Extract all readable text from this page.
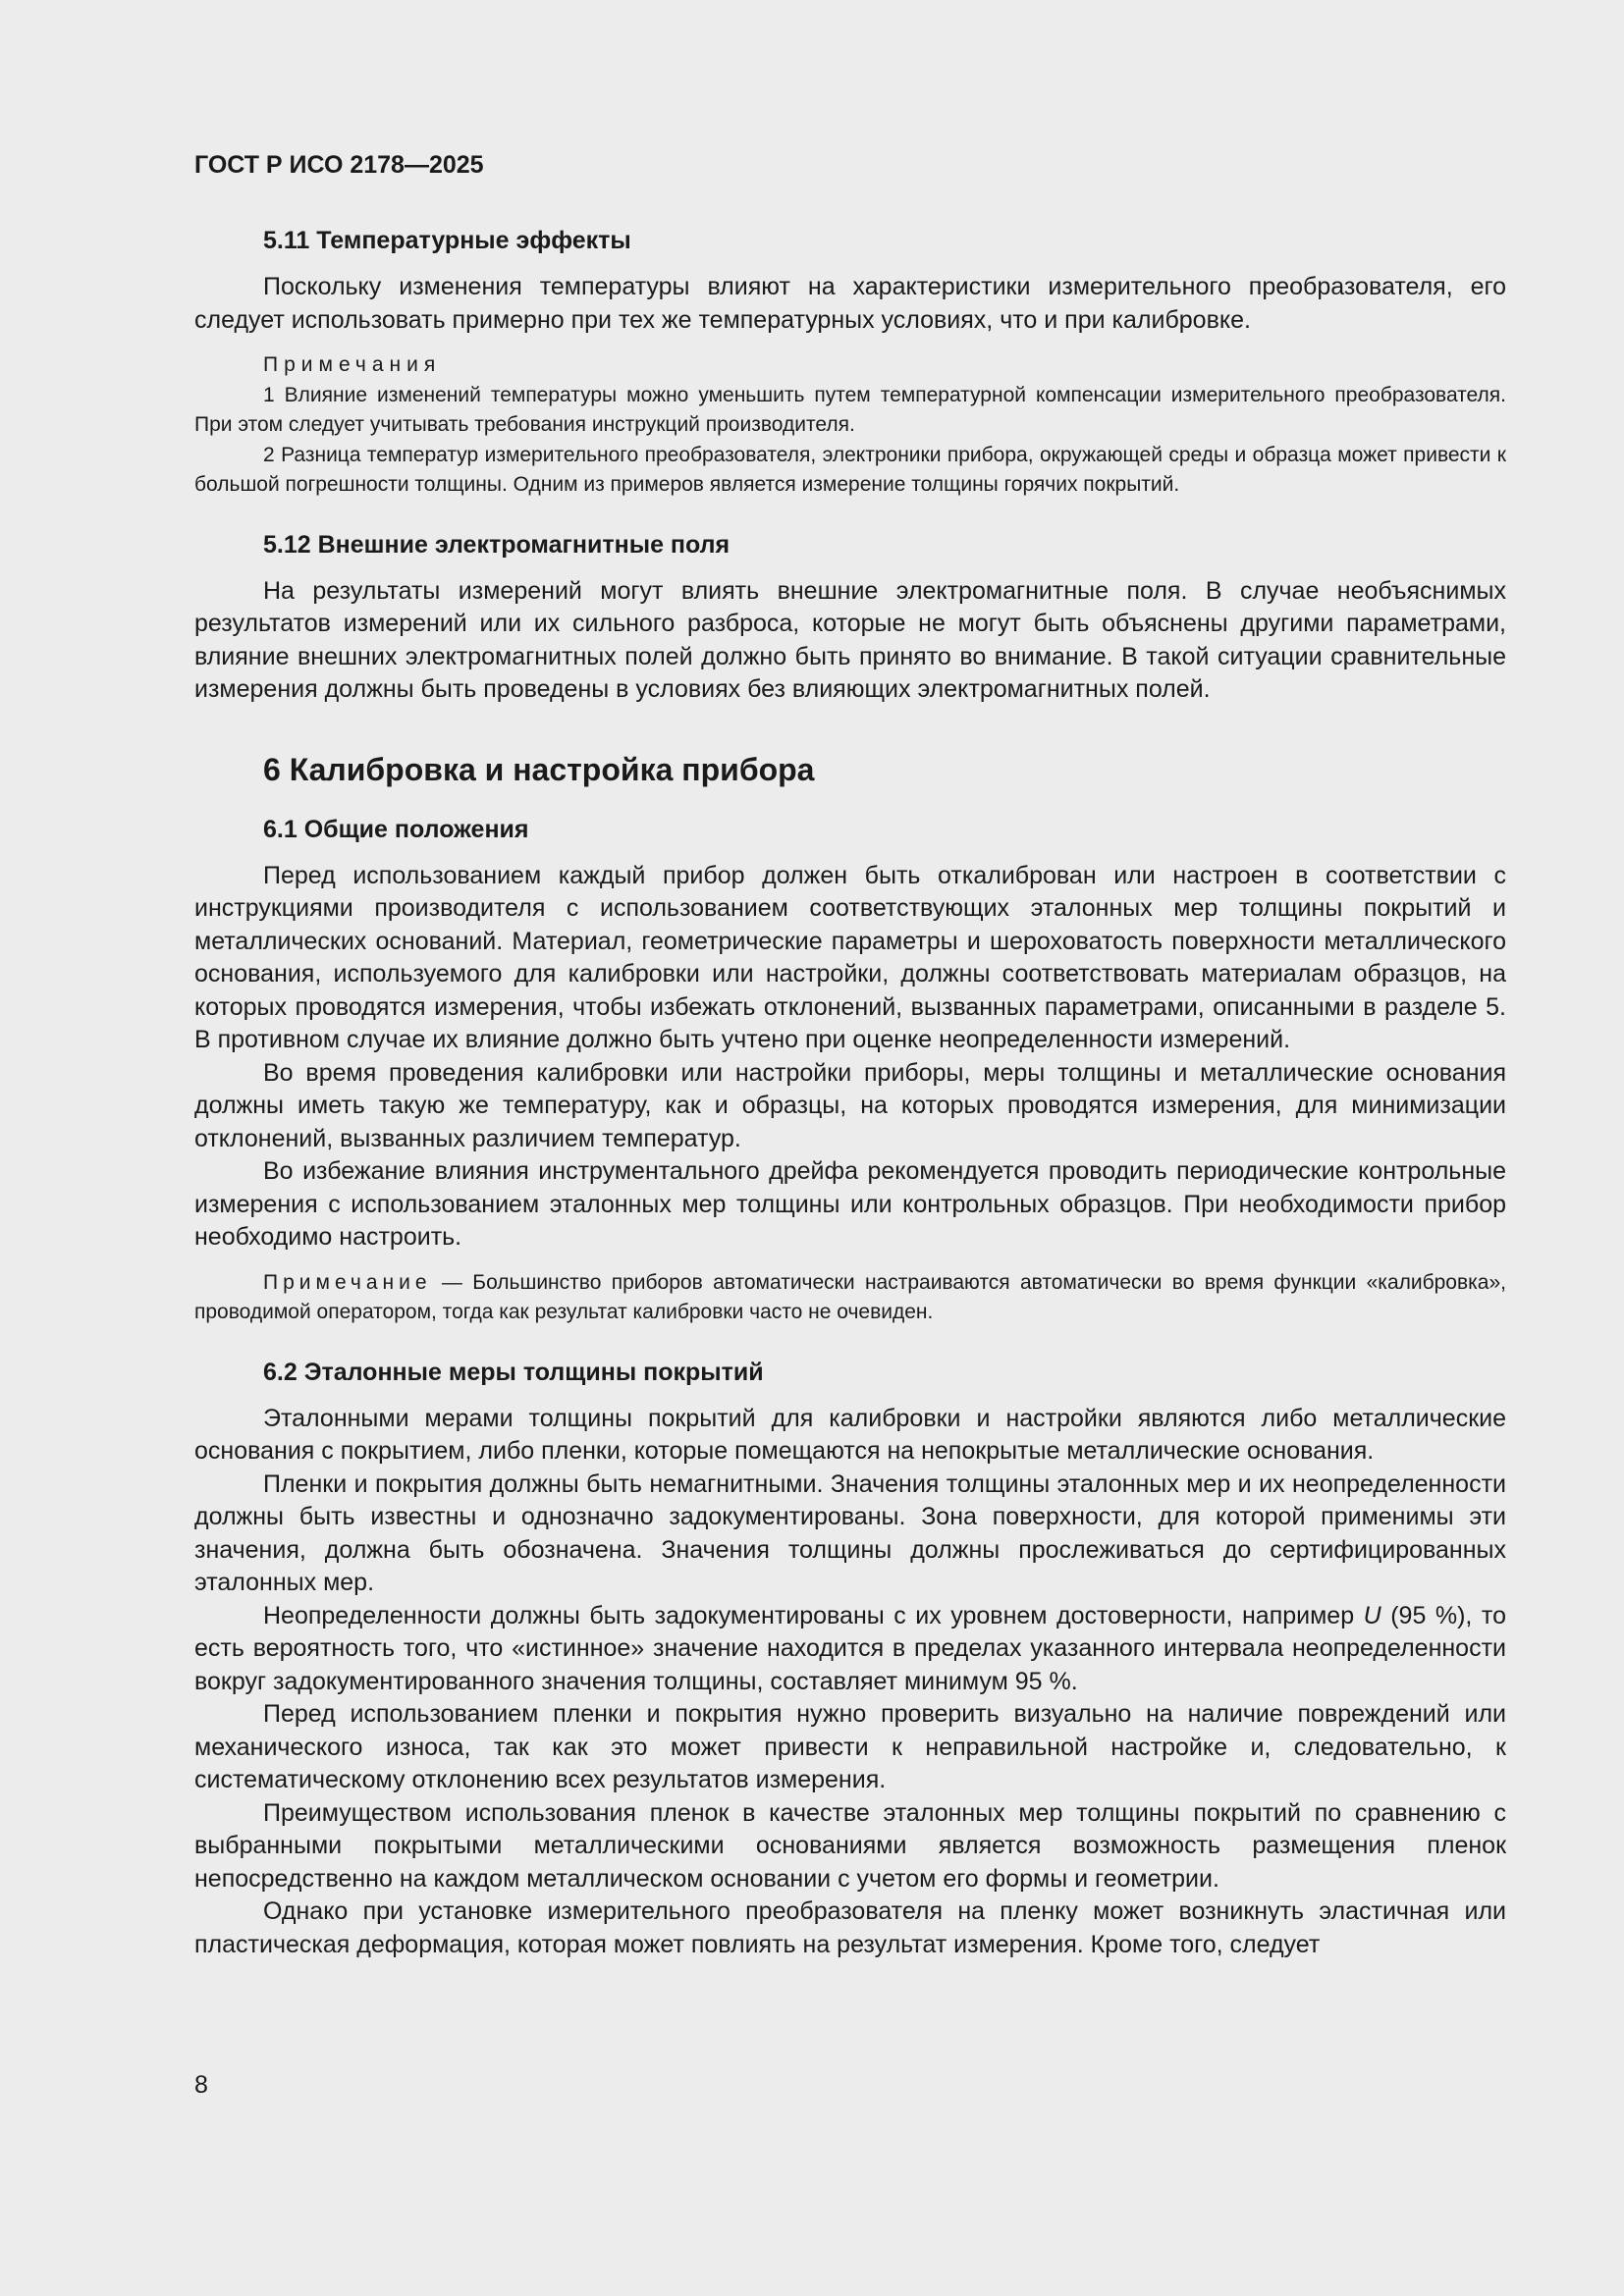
ГОСТ Р ИСО 2178—2025
5.11 Температурные эффекты

Поскольку изменения температуры влияют на характеристики измерительного преобразователя, его следует использовать примерно при тех же температурных условиях, что и при калибровке.

Примечания

1 Влияние изменений температуры можно уменьшить путем температурной компенсации измерительного преобразователя. При этом следует учитывать требования инструкций производителя.

2 Разница температур измерительного преобразователя, электроники прибора, окружающей среды и образца может привести к большой погрешности толщины. Одним из примеров является измерение толщины горячих покрытий.

5.12 Внешние электромагнитные поля

На результаты измерений могут влиять внешние электромагнитные поля. В случае необъяснимых результатов измерений или их сильного разброса, которые не могут быть объяснены другими параметрами, влияние внешних электромагнитных полей должно быть принято во внимание. В такой ситуации сравнительные измерения должны быть проведены в условиях без влияющих электромагнитных полей.

6 Калибровка и настройка прибора
6.1 Общие положения

Перед использованием каждый прибор должен быть откалиброван или настроен в соответствии с инструкциями производителя с использованием соответствующих эталонных мер толщины покрытий и металлических оснований. Материал, геометрические параметры и шероховатость поверхности металлического основания, используемого для калибровки или настройки, должны соответствовать материалам образцов, на которых проводятся измерения, чтобы избежать отклонений, вызванных параметрами, описанными в разделе 5. В противном случае их влияние должно быть учтено при оценке неопределенности измерений.

Во время проведения калибровки или настройки приборы, меры толщины и металлические основания должны иметь такую же температуру, как и образцы, на которых проводятся измерения, для минимизации отклонений, вызванных различием температур.

Во избежание влияния инструментального дрейфа рекомендуется проводить периодические контрольные измерения с использованием эталонных мер толщины или контрольных образцов. При необходимости прибор необходимо настроить.

Примечание — Большинство приборов автоматически настраиваются автоматически во время функции «калибровка», проводимой оператором, тогда как результат калибровки часто не очевиден.

6.2 Эталонные меры толщины покрытий

Эталонными мерами толщины покрытий для калибровки и настройки являются либо металлические основания с покрытием, либо пленки, которые помещаются на непокрытые металлические основания.

Пленки и покрытия должны быть немагнитными. Значения толщины эталонных мер и их неопределенности должны быть известны и однозначно задокументированы. Зона поверхности, для которой применимы эти значения, должна быть обозначена. Значения толщины должны прослеживаться до сертифицированных эталонных мер.

Неопределенности должны быть задокументированы с их уровнем достоверности, например U (95 %), то есть вероятность того, что «истинное» значение находится в пределах указанного интервала неопределенности вокруг задокументированного значения толщины, составляет минимум 95 %.

Перед использованием пленки и покрытия нужно проверить визуально на наличие повреждений или механического износа, так как это может привести к неправильной настройке и, следовательно, к систематическому отклонению всех результатов измерения.

Преимуществом использования пленок в качестве эталонных мер толщины покрытий по сравнению с выбранными покрытыми металлическими основаниями является возможность размещения пленок непосредственно на каждом металлическом основании с учетом его формы и геометрии.

Однако при установке измерительного преобразователя на пленку может возникнуть эластичная или пластическая деформация, которая может повлиять на результат измерения. Кроме того, следует

8
